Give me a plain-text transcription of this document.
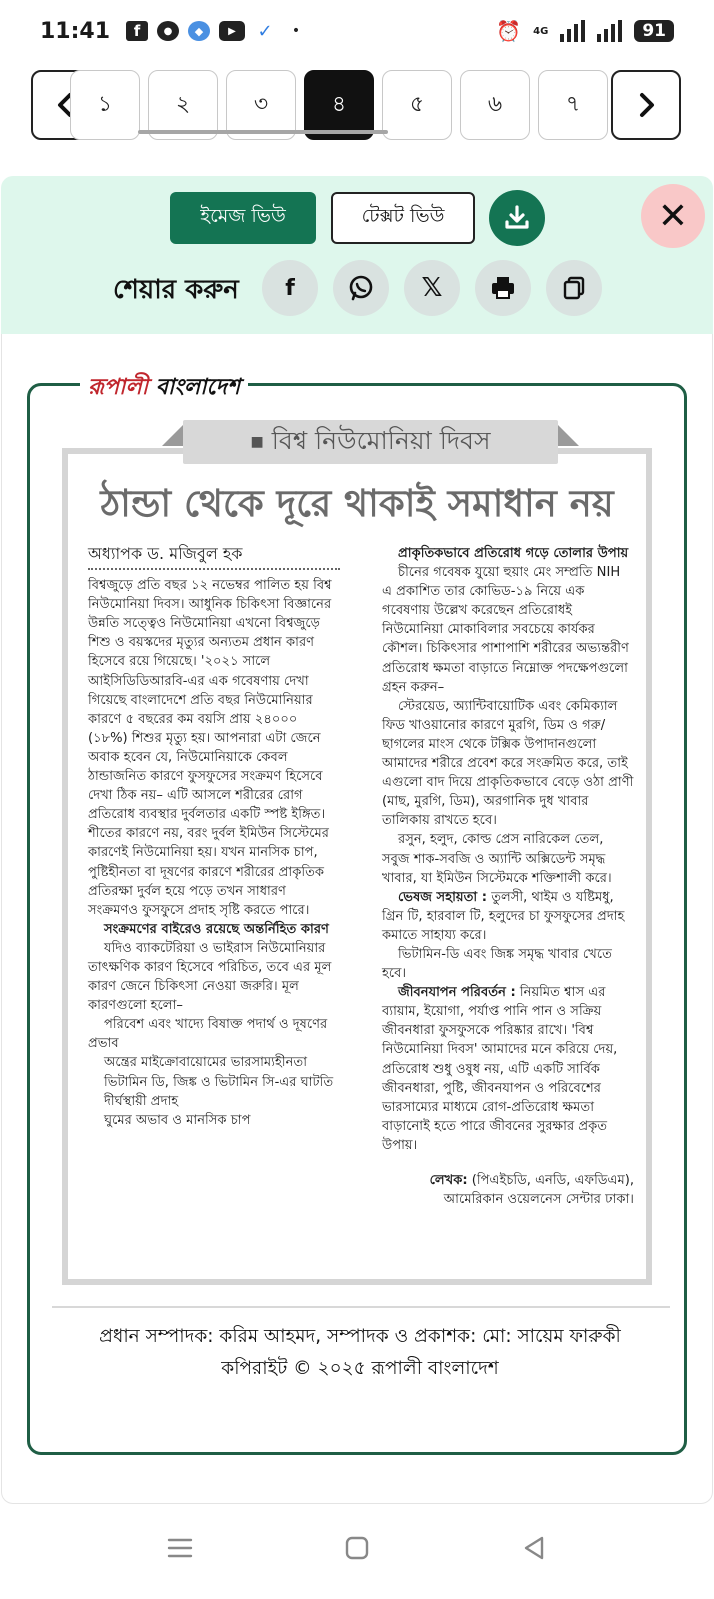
11:41	f	●	◆	▶	✓	•	⏰ 4G	91
১	২	৩	৪	৫	৬	৭
ইমেজ ভিউ	টেক্সট ভিউ	✕
শেয়ার করুন f	𝕏
রূপালী বাংলাদেশ
■ বিশ্ব নিউমোনিয়া দিবস
ঠান্ডা থেকে দূরে থাকাই সমাধান নয়
অধ্যাপক ড. মজিবুল হক

বিশ্বজুড়ে প্রতি বছর ১২ নভেম্বর পালিত হয় বিশ্ব নিউমোনিয়া দিবস। আধুনিক চিকিৎসা বিজ্ঞানের উন্নতি সত্ত্বেও নিউমোনিয়া এখনো বিশ্বজুড়ে শিশু ও বয়স্কদের মৃত্যুর অন্যতম প্রধান কারণ হিসেবে রয়ে গিয়েছে। '২০২১ সালে আইসিডিডিআরবি-এর এক গবেষণায় দেখা গিয়েছে বাংলাদেশে প্রতি বছর নিউমোনিয়ার কারণে ৫ বছরের কম বয়সি প্রায় ২৪০০০ (১৮%) শিশুর মৃত্যু হয়। আপনারা এটা জেনে অবাক হবেন যে, নিউমোনিয়াকে কেবল ঠান্ডাজনিত কারণে ফুসফুসের সংক্রমণ হিসেবে দেখা ঠিক নয়– এটি আসলে শরীরের রোগ প্রতিরোধ ব্যবস্থার দুর্বলতার একটি স্পষ্ট ইঙ্গিত। শীতের কারণে নয়, বরং দুর্বল ইমিউন সিস্টেমের কারণেই নিউমোনিয়া হয়। যখন মানসিক চাপ, পুষ্টিহীনতা বা দূষণের কারণে শরীরের প্রাকৃতিক প্রতিরক্ষা দুর্বল হয়ে পড়ে তখন সাধারণ সংক্রমণও ফুসফুসে প্রদাহ সৃষ্টি করতে পারে।

সংক্রমণের বাইরেও রয়েছে অন্তর্নিহিত কারণ

যদিও ব্যাকটেরিয়া ও ভাইরাস নিউমোনিয়ার তাৎক্ষণিক কারণ হিসেবে পরিচিত, তবে এর মূল কারণ জেনে চিকিৎসা নেওয়া জরুরি। মূল কারণগুলো হলো–

পরিবেশ এবং খাদ্যে বিষাক্ত পদার্থ ও দূষণের প্রভাব

অন্ত্রের মাইক্রোবায়োমের ভারসাম্যহীনতা

ভিটামিন ডি, জিঙ্ক ও ভিটামিন সি-এর ঘাটতি

দীর্ঘস্থায়ী প্রদাহ

ঘুমের অভাব ও মানসিক চাপ

প্রাকৃতিকভাবে প্রতিরোধ গড়ে তোলার উপায়

চীনের গবেষক যুয়ো হুয়াং মেং সম্প্রতি NIH এ প্রকাশিত তার কোভিড-১৯ নিয়ে এক গবেষণায় উল্লেখ করেছেন প্রতিরোধই নিউমোনিয়া মোকাবিলার সবচেয়ে কার্যকর কৌশল। চিকিৎসার পাশাপাশি শরীরের অভ্যন্তরীণ প্রতিরোধ ক্ষমতা বাড়াতে নিম্নোক্ত পদক্ষেপগুলো গ্রহন করুন–

স্টেরয়েড, অ্যান্টিবায়োটিক এবং কেমিক্যাল ফিড খাওয়ানোর কারণে মুরগি, ডিম ও গরু/ছাগলের মাংস থেকে টক্সিক উপাদানগুলো আমাদের শরীরে প্রবেশ করে সংক্রমিত করে, তাই এগুলো বাদ দিয়ে প্রাকৃতিকভাবে বেড়ে ওঠা প্রাণী (মাছ, মুরগি, ডিম), অরগানিক দুধ খাবার তালিকায় রাখতে হবে।

রসুন, হলুদ, কোল্ড প্রেস নারিকেল তেল, সবুজ শাক-সবজি ও অ্যান্টি অক্সিডেন্ট সমৃদ্ধ খাবার, যা ইমিউন সিস্টেমকে শক্তিশালী করে।

ভেষজ সহায়তা : তুলসী, থাইম ও যষ্টিমধু, গ্রিন টি, হারবাল টি, হলুদের চা ফুসফুসের প্রদাহ কমাতে সাহায্য করে।

ভিটামিন-ডি এবং জিঙ্ক সমৃদ্ধ খাবার খেতে হবে।

জীবনযাপন পরিবর্তন : নিয়মিত শ্বাস এর ব্যায়াম, ইয়োগা, পর্যাপ্ত পানি পান ও সক্রিয় জীবনধারা ফুসফুসকে পরিষ্কার রাখে। 'বিশ্ব নিউমোনিয়া দিবস' আমাদের মনে করিয়ে দেয়, প্রতিরোধ শুধু ওষুধ নয়, এটি একটি সার্বিক জীবনধারা, পুষ্টি, জীবনযাপন ও পরিবেশের ভারসাম্যের মাধ্যমে রোগ-প্রতিরোধ ক্ষমতা বাড়ানোই হতে পারে জীবনের সুরক্ষার প্রকৃত উপায়।

লেখক: (পিএইচডি, এনডি, এফডিএম),
আমেরিকান ওয়েলনেস সেন্টার ঢাকা।
প্রধান সম্পাদক: করিম আহমদ, সম্পাদক ও প্রকাশক: মো: সায়েম ফারুকী
কপিরাইট © ২০২৫ রূপালী বাংলাদেশ
